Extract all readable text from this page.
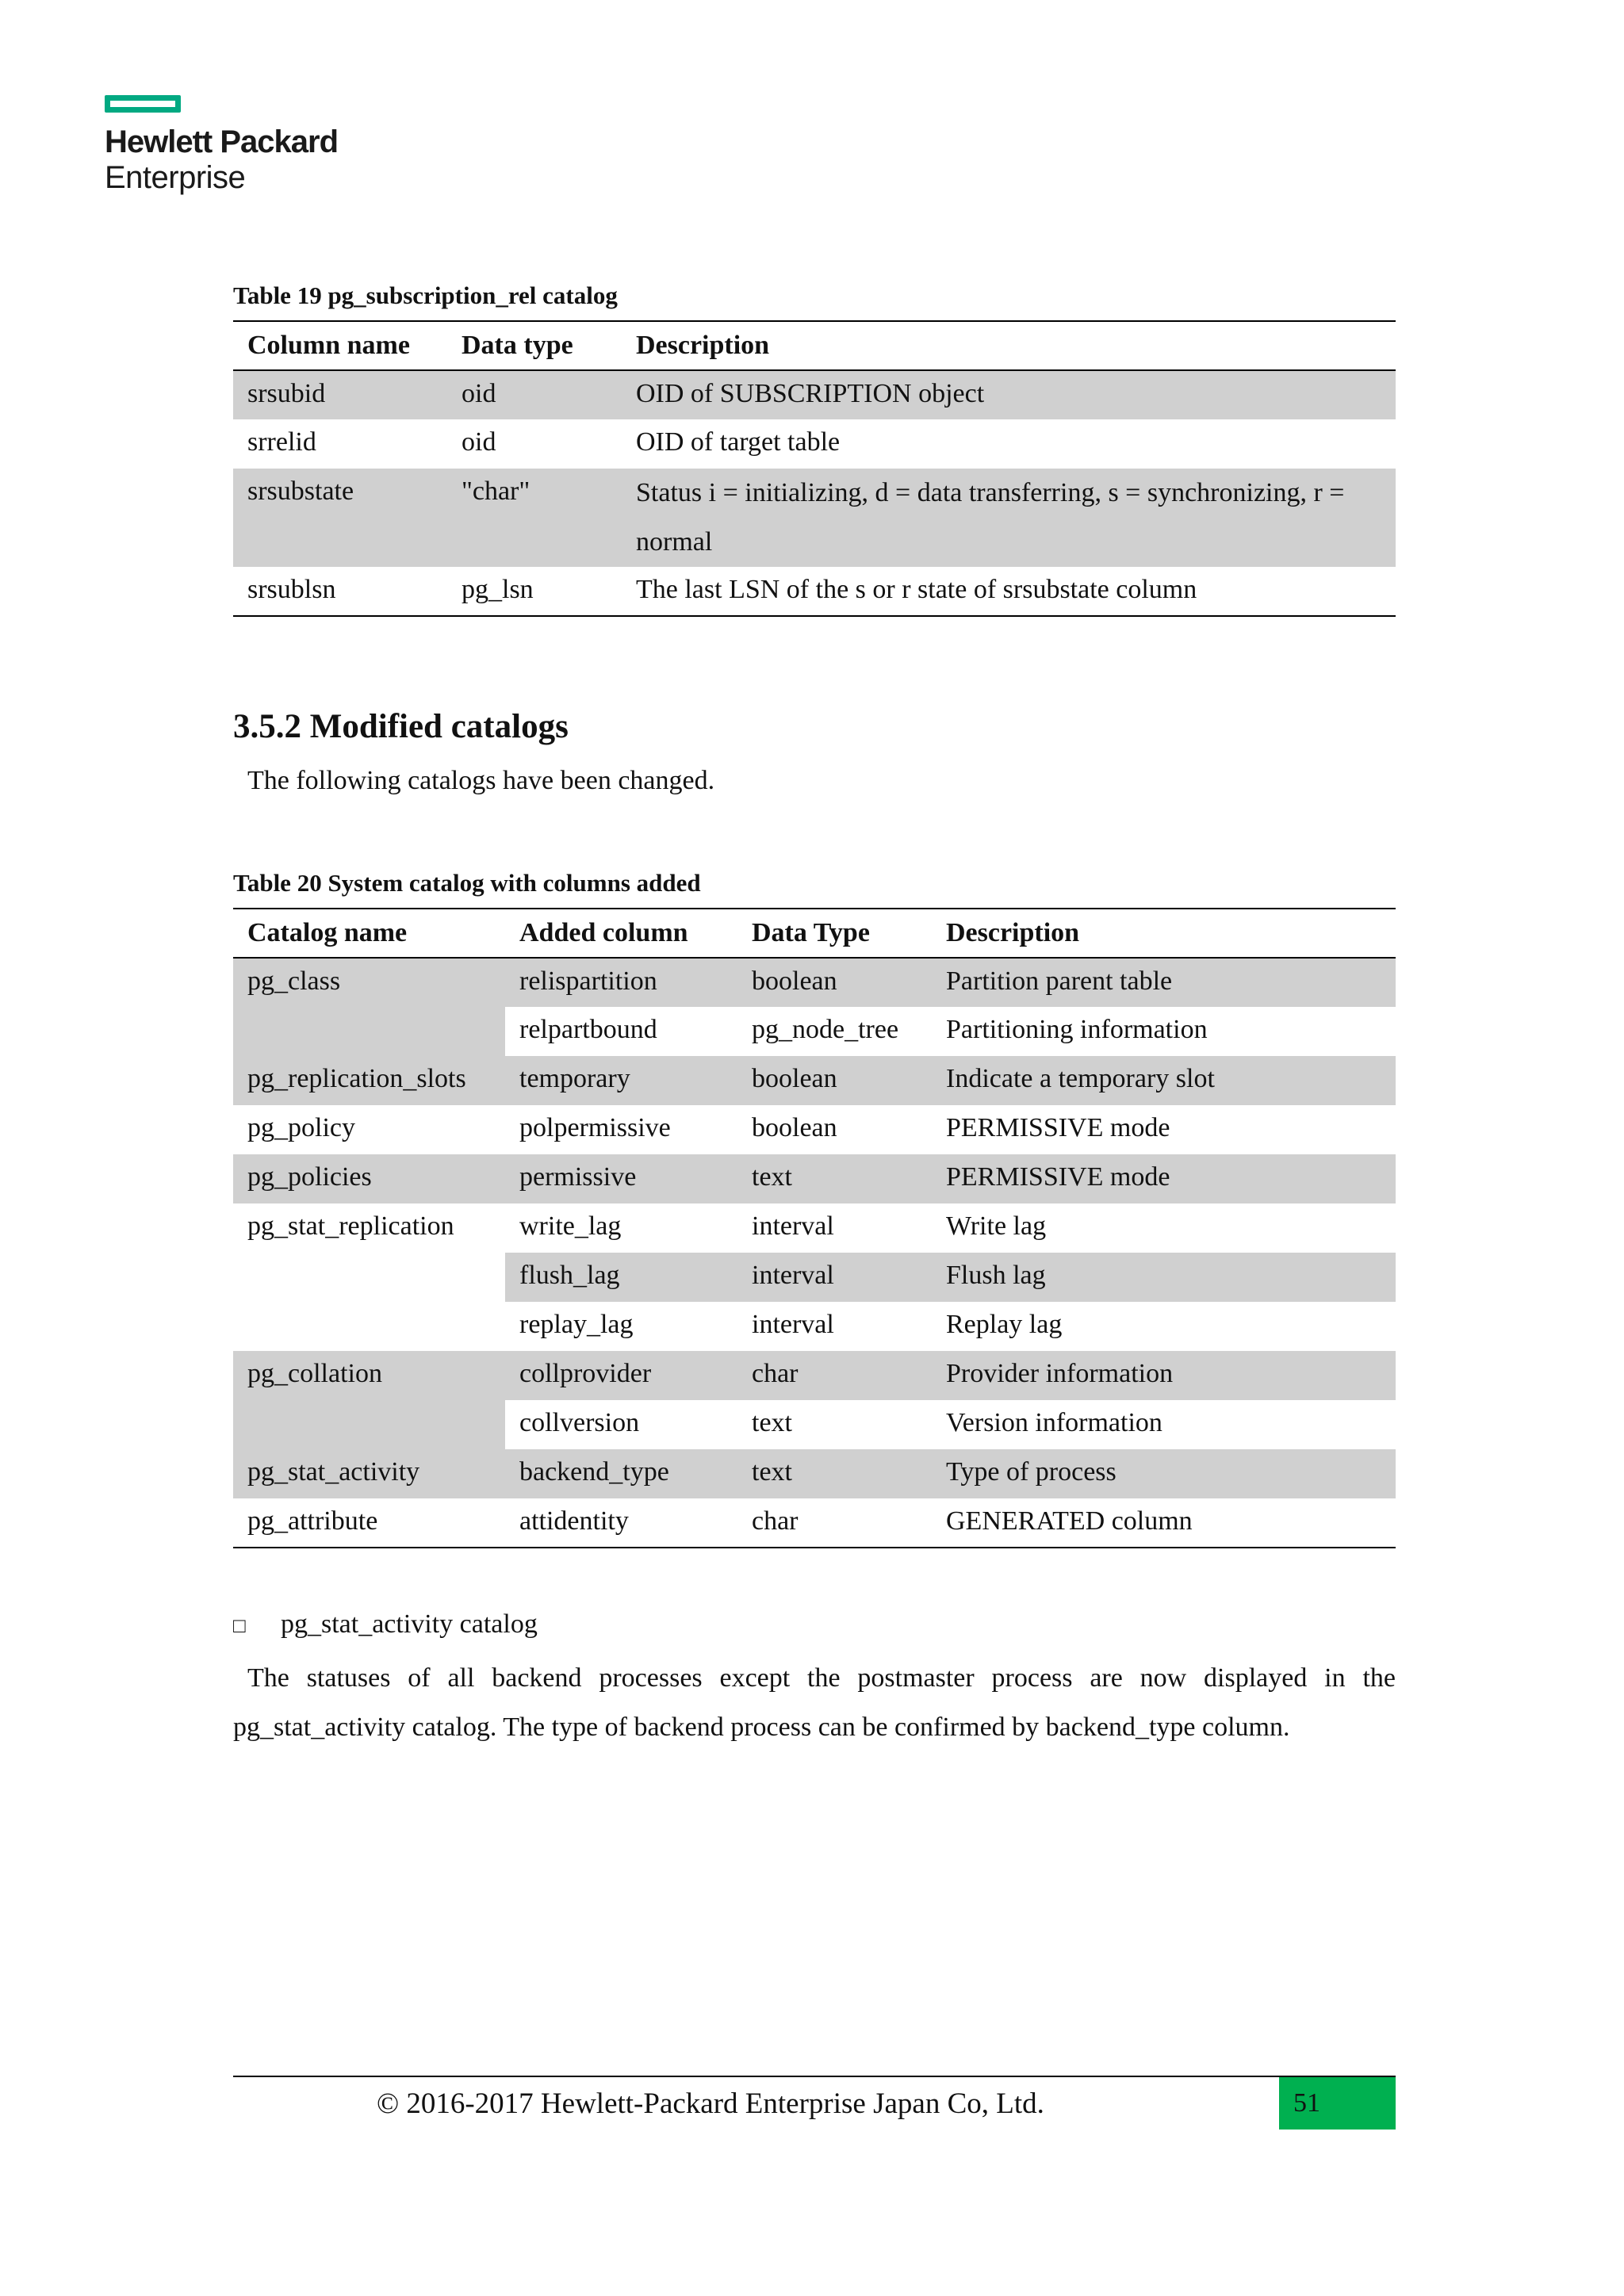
Hewlett Packard
Enterprise
Table 19 pg_subscription_rel catalog
Column name	Data type	Description
srsubid	oid	OID of SUBSCRIPTION object
srrelid	oid	OID of target table
srsubstate	"char"	Status i = initializing, d = data transferring, s = synchronizing, r = normal
srsublsn	pg_lsn	The last LSN of the s or r state of srsubstate column
3.5.2 Modified catalogs
The following catalogs have been changed.
Table 20 System catalog with columns added
Catalog name	Added column	Data Type	Description
pg_class	relispartition	boolean	Partition parent table
	relpartbound	pg_node_tree	Partitioning information
pg_replication_slots	temporary	boolean	Indicate a temporary slot
pg_policy	polpermissive	boolean	PERMISSIVE mode
pg_policies	permissive	text	PERMISSIVE mode
pg_stat_replication	write_lag	interval	Write lag
	flush_lag	interval	Flush lag
	replay_lag	interval	Replay lag
pg_collation	collprovider	char	Provider information
	collversion	text	Version information
pg_stat_activity	backend_type	text	Type of process
pg_attribute	attidentity	char	GENERATED column
□ pg_stat_activity catalog
The statuses of all backend processes except the postmaster process are now displayed in the pg_stat_activity catalog. The type of backend process can be confirmed by backend_type column.
© 2016-2017 Hewlett-Packard Enterprise Japan Co, Ltd.	51
